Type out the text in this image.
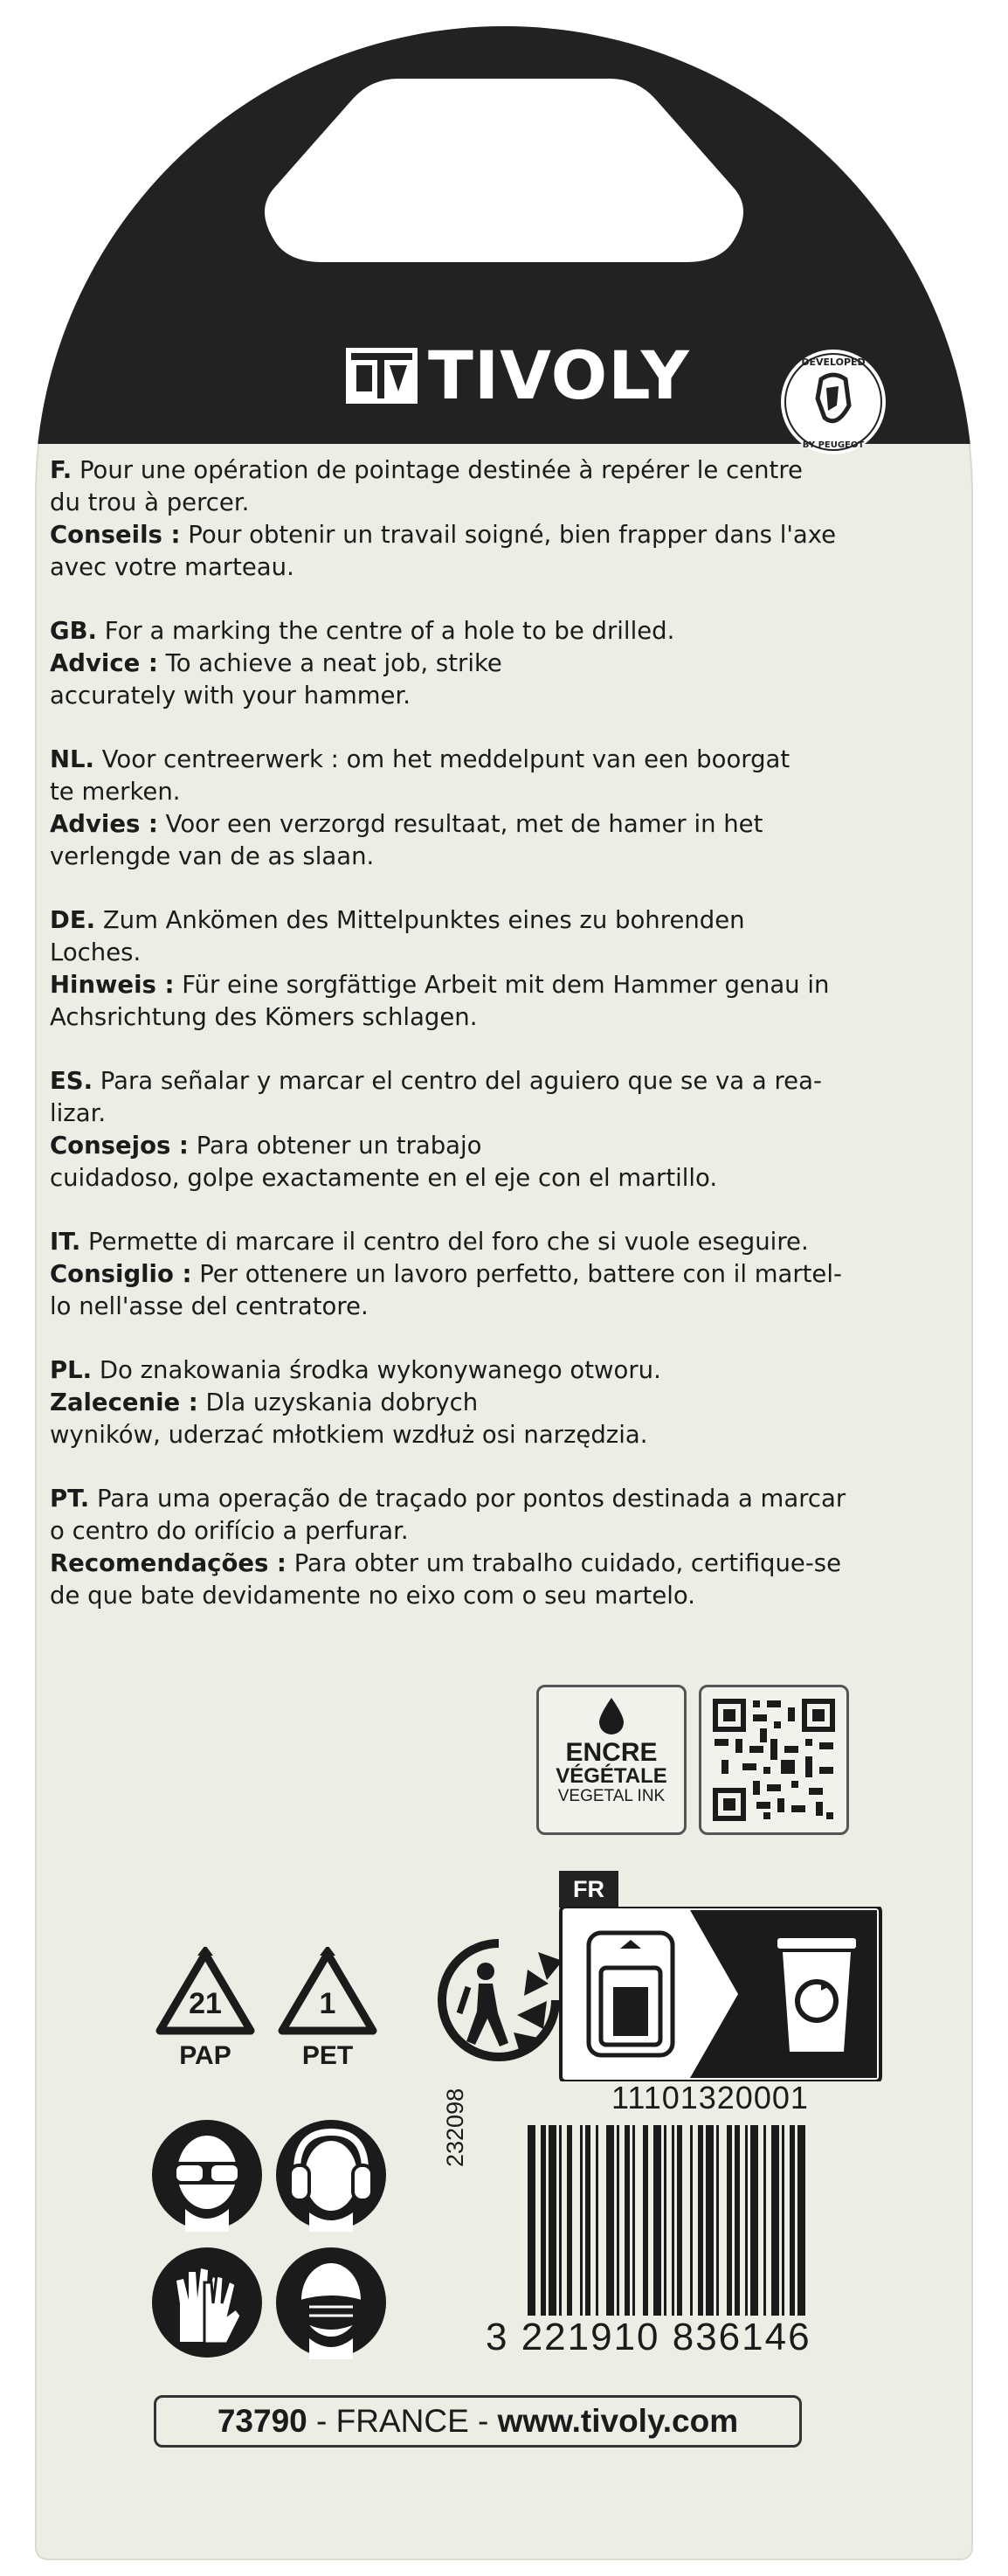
TIVOLY	DEVELOPED
BY PEUGEOT

F. Pour une opération de pointage destinée à repérer le centre

du trou à percer.

Conseils : Pour obtenir un travail soigné, bien frapper dans l'axe

avec votre marteau.

GB. For a marking the centre of a hole to be drilled.

Advice : To achieve a neat job, strike

accurately with your hammer.

NL. Voor centreerwerk : om het meddelpunt van een boorgat

te merken.

Advies : Voor een verzorgd resultaat, met de hamer in het

verlengde van de as slaan.

DE. Zum Ankömen des Mittelpunktes eines zu bohrenden

Loches.

Hinweis : Für eine sorgfättige Arbeit mit dem Hammer genau in

Achsrichtung des Kömers schlagen.

ES. Para señalar y marcar el centro del aguiero que se va a rea-

lizar.

Consejos : Para obtener un trabajo

cuidadoso, golpe exactamente en el eje con el martillo.

IT. Permette di marcare il centro del foro che si vuole eseguire.

Consiglio : Per ottenere un lavoro perfetto, battere con il martel-

lo nell'asse del centratore.

PL. Do znakowania środka wykonywanego otworu.

Zalecenie : Dla uzyskania dobrych

wyników, uderzać młotkiem wzdłuż osi narzędzia.

PT. Para uma operação de traçado por pontos destinada a marcar

o centro do orifício a perfurar.

Recomendações : Para obter um trabalho cuidado, certifique-se

de que bate devidamente no eixo com o seu martelo.

ENCRE
VÉGÉTALE
VEGETAL INK
21
PAP
1
PET
FR
11101320001
232098
3 221910 836146
73790 - FRANCE - www.tivoly.com
